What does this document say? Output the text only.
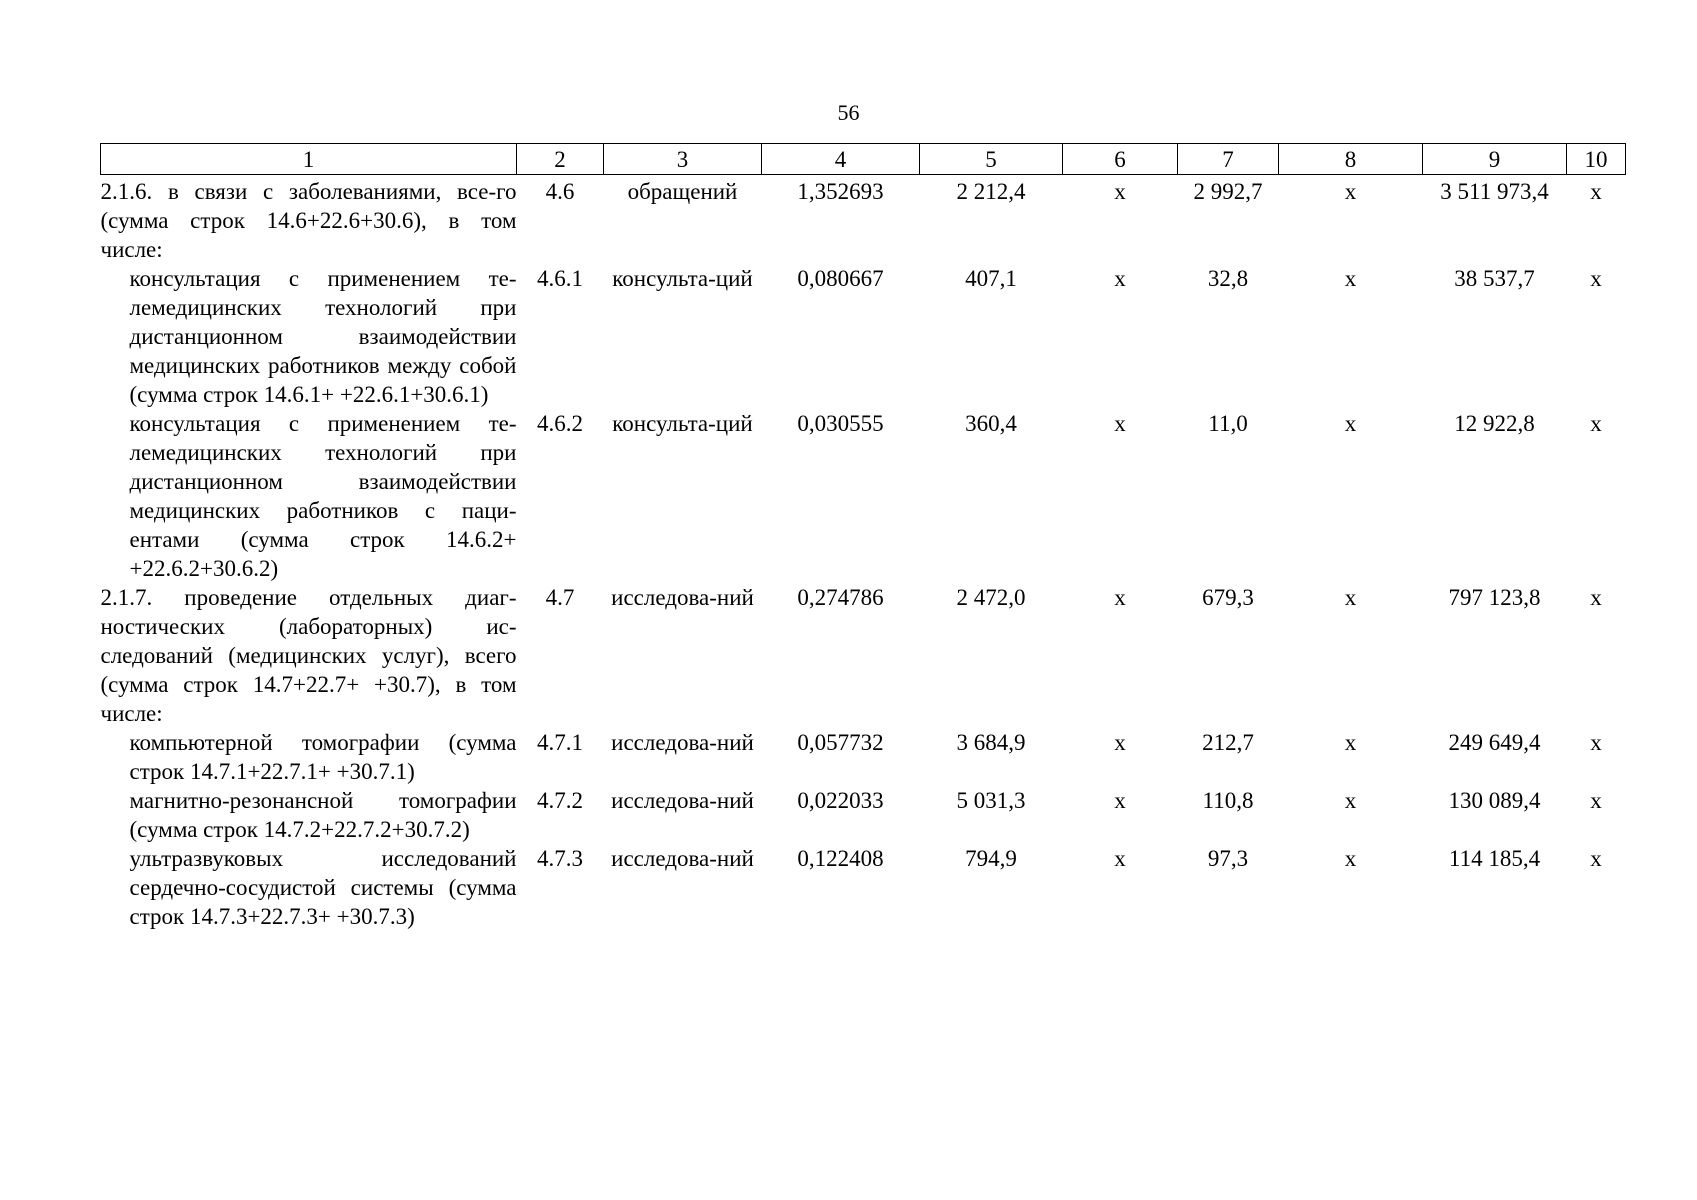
56
1	2	3	4	5	6	7	8	9	10
2.1.6. в связи с заболеваниями, все-го (сумма строк 14.6+22.6+30.6), в том числе:	4.6	обращений	1,352693	2 212,4	х	2 992,7	х	3 511 973,4	х
консультация с применением те-лемедицинских технологий при дистанционном взаимодействии медицинских работников между собой (сумма строк 14.6.1+ +22.6.1+30.6.1)	4.6.1	консульта-ций	0,080667	407,1	х	32,8	х	38 537,7	х
консультация с применением те-лемедицинских технологий при дистанционном взаимодействии медицинских работников с паци-ентами (сумма строк 14.6.2+ +22.6.2+30.6.2)	4.6.2	консульта-ций	0,030555	360,4	х	11,0	х	12 922,8	х
2.1.7. проведение отдельных диаг-ностических (лабораторных) ис-следований (медицинских услуг), всего (сумма строк 14.7+22.7+ +30.7), в том числе:	4.7	исследова-ний	0,274786	2 472,0	х	679,3	х	797 123,8	х
компьютерной томографии (сумма строк 14.7.1+22.7.1+ +30.7.1)	4.7.1	исследова-ний	0,057732	3 684,9	х	212,7	х	249 649,4	х
магнитно-резонансной томографии (сумма строк 14.7.2+22.7.2+30.7.2)	4.7.2	исследова-ний	0,022033	5 031,3	х	110,8	х	130 089,4	х
ультразвуковых исследований сердечно-сосудистой системы (сумма строк 14.7.3+22.7.3+ +30.7.3)	4.7.3	исследова-ний	0,122408	794,9	х	97,3	х	114 185,4	х
